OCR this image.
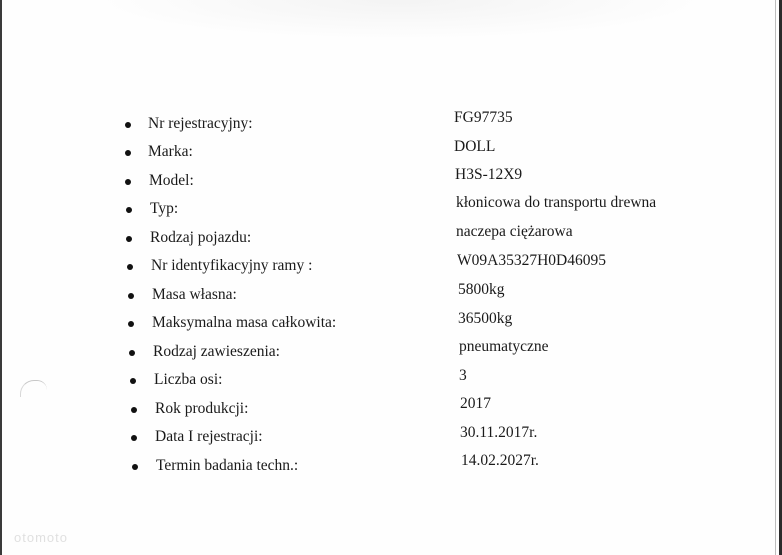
Nr rejestracyjny:	FG97735
Marka:	DOLL
Model:	H3S-12X9
Typ:	kłonicowa do transportu drewna
Rodzaj pojazdu:	naczepa ciężarowa
Nr identyfikacyjny ramy :	W09A35327H0D46095
Masa własna:	5800kg
Maksymalna masa całkowita:	36500kg
Rodzaj zawieszenia:	pneumatyczne
Liczba osi:	3
Rok produkcji:	2017
Data I rejestracji:	30.11.2017r.
Termin badania techn.:	14.02.2027r.
otomoto
